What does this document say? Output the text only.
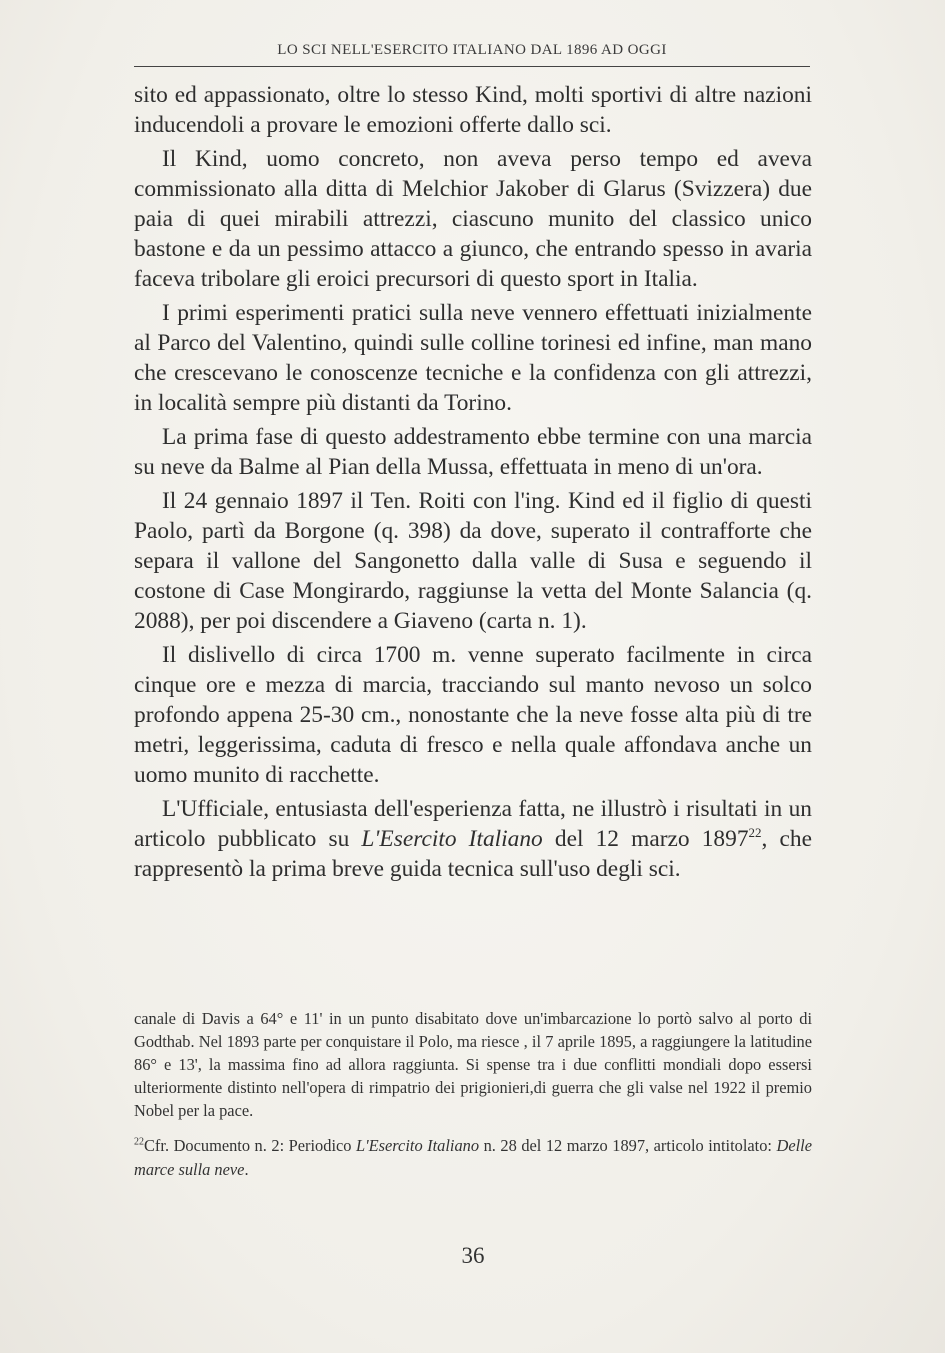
LO SCI NELL'ESERCITO ITALIANO DAL 1896 AD OGGI

sito ed appassionato, oltre lo stesso Kind, molti sportivi di altre nazioni inducendoli a provare le emozioni offerte dallo sci.

Il Kind, uomo concreto, non aveva perso tempo ed aveva commissionato alla ditta di Melchior Jakober di Glarus (Svizzera) due paia di quei mirabili attrezzi, ciascuno munito del classico unico bastone e da un pessimo attacco a giunco, che entrando spesso in avaria faceva tribolare gli eroici precursori di questo sport in Italia.

I primi esperimenti pratici sulla neve vennero effettuati inizialmente al Parco del Valentino, quindi sulle colline torinesi ed infine, man mano che crescevano le conoscenze tecniche e la confidenza con gli attrezzi, in località sempre più distanti da Torino.

La prima fase di questo addestramento ebbe termine con una marcia su neve da Balme al Pian della Mussa, effettuata in meno di un'ora.

Il 24 gennaio 1897 il Ten. Roiti con l'ing. Kind ed il figlio di questi Paolo, partì da Borgone (q. 398) da dove, superato il contrafforte che separa il vallone del Sangonetto dalla valle di Susa e seguendo il costone di Case Mongirardo, raggiunse la vetta del Monte Salancia (q. 2088), per poi discendere a Giaveno (carta n. 1).

Il dislivello di circa 1700 m. venne superato facilmente in circa cinque ore e mezza di marcia, tracciando sul manto nevoso un solco profondo appena 25-30 cm., nonostante che la neve fosse alta più di tre metri, leggerissima, caduta di fresco e nella quale affondava anche un uomo munito di racchette.

L'Ufficiale, entusiasta dell'esperienza fatta, ne illustrò i risultati in un articolo pubblicato su L'Esercito Italiano del 12 marzo 1897$^{22}$, che rappresentò la prima breve guida tecnica sull'uso degli sci.

canale di Davis a 64° e 11' in un punto disabitato dove un'imbarcazione lo portò salvo al porto di Godthab. Nel 1893 parte per conquistare il Polo, ma riesce , il 7 aprile 1895, a raggiungere la latitudine 86° e 13', la massima fino ad allora raggiunta. Si spense tra i due conflitti mondiali dopo essersi ulteriormente distinto nell'opera di rimpatrio dei prigionieri,di guerra che gli valse nel 1922 il premio Nobel per la pace.

$^{22}$Cfr. Documento n. 2: Periodico L'Esercito Italiano n. 28 del 12 marzo 1897, articolo intitolato: Delle marce sulla neve.

36
